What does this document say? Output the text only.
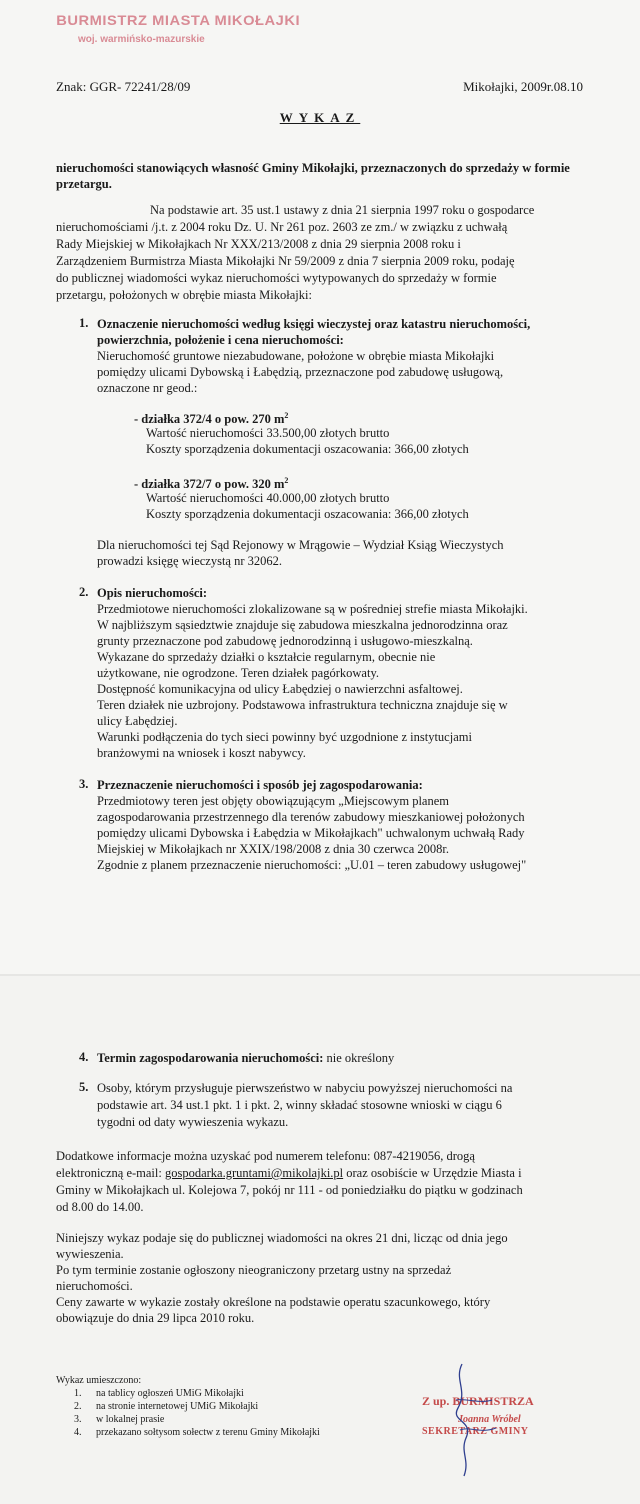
BURMISTRZ MIASTA MIKOŁAJKI
woj. warmińsko-mazurskie
Znak: GGR- 72241/28/09	Mikołajki, 2009r.08.10
WYKAZ
nieruchomości stanowiących własność Gminy Mikołajki, przeznaczonych do sprzedaży w formie przetargu.
Na podstawie art. 35 ust.1 ustawy z dnia 21 sierpnia 1997 roku o gospodarce
nieruchomościami /j.t. z 2004 roku Dz. U. Nr 261 poz. 2603 ze zm./ w związku z uchwałą
Rady Miejskiej w Mikołajkach Nr XXX/213/2008 z dnia 29 sierpnia 2008 roku i
Zarządzeniem Burmistrza Miasta Mikołajki Nr 59/2009 z dnia 7 sierpnia 2009 roku, podaję
do publicznej wiadomości wykaz nieruchomości wytypowanych do sprzedaży w formie
przetargu, położonych w obrębie miasta Mikołajki:
1. Oznaczenie nieruchomości według księgi wieczystej oraz katastru nieruchomości,
powierzchnia, położenie i cena nieruchomości:
Nieruchomość gruntowe niezabudowane, położone w obrębie miasta Mikołajki
pomiędzy ulicami Dybowską i Łabędzią, przeznaczone pod zabudowę usługową,
oznaczone nr geod.:
- działka 372/4 o pow. 270 $m^2$
Wartość nieruchomości 33.500,00 złotych brutto
Koszty sporządzenia dokumentacji oszacowania: 366,00 złotych
- działka 372/7 o pow. 320 $m^2$
Wartość nieruchomości 40.000,00 złotych brutto
Koszty sporządzenia dokumentacji oszacowania: 366,00 złotych
Dla nieruchomości tej Sąd Rejonowy w Mrągowie – Wydział Ksiąg Wieczystych
prowadzi księgę wieczystą nr 32062.
2. Opis nieruchomości:
Przedmiotowe nieruchomości zlokalizowane są w pośredniej strefie miasta Mikołajki.
W najbliższym sąsiedztwie znajduje się zabudowa mieszkalna jednorodzinna oraz
grunty przeznaczone pod zabudowę jednorodzinną i usługowo-mieszkalną.
Wykazane do sprzedaży działki o kształcie regularnym, obecnie nie
użytkowane, nie ogrodzone. Teren działek pagórkowaty.
Dostępność komunikacyjna od ulicy Łabędziej o nawierzchni asfaltowej.
Teren działek nie uzbrojony. Podstawowa infrastruktura techniczna znajduje się w
ulicy Łabędziej.
Warunki podłączenia do tych sieci powinny być uzgodnione z instytucjami
branżowymi na wniosek i koszt nabywcy.
3. Przeznaczenie nieruchomości i sposób jej zagospodarowania:
Przedmiotowy teren jest objęty obowiązującym „Miejscowym planem
zagospodarowania przestrzennego dla terenów zabudowy mieszkaniowej położonych
pomiędzy ulicami Dybowska i Łabędzia w Mikołajkach" uchwalonym uchwałą Rady
Miejskiej w Mikołajkach nr XXIX/198/2008 z dnia 30 czerwca 2008r.
Zgodnie z planem przeznaczenie nieruchomości: „U.01 – teren zabudowy usługowej"
4. Termin zagospodarowania nieruchomości: nie określony
5. Osoby, którym przysługuje pierwszeństwo w nabyciu powyższej nieruchomości na
podstawie art. 34 ust.1 pkt. 1 i pkt. 2, winny składać stosowne wnioski w ciągu 6
tygodni od daty wywieszenia wykazu.
Dodatkowe informacje można uzyskać pod numerem telefonu: 087-4219056, drogą
elektroniczną e-mail: gospodarka.gruntami@mikolajki.pl oraz osobiście w Urzędzie Miasta i
Gminy w Mikołajkach ul. Kolejowa 7, pokój nr 111 - od poniedziałku do piątku w godzinach
od 8.00 do 14.00.
Niniejszy wykaz podaje się do publicznej wiadomości na okres 21 dni, licząc od dnia jego
wywieszenia.
Po tym terminie zostanie ogłoszony nieograniczony przetarg ustny na sprzedaż
nieruchomości.
Ceny zawarte w wykazie zostały określone na podstawie operatu szacunkowego, który
obowiązuje do dnia 29 lipca 2010 roku.
Wykaz umieszczono:
1. na tablicy ogłoszeń UMiG Mikołajki
2. na stronie internetowej UMiG Mikołajki
3. w lokalnej prasie
4. przekazano sołtysom sołectw z terenu Gminy Mikołajki
Z up. BURMISTRZA
Joanna Wróbel
SEKRETARZ GMINY
